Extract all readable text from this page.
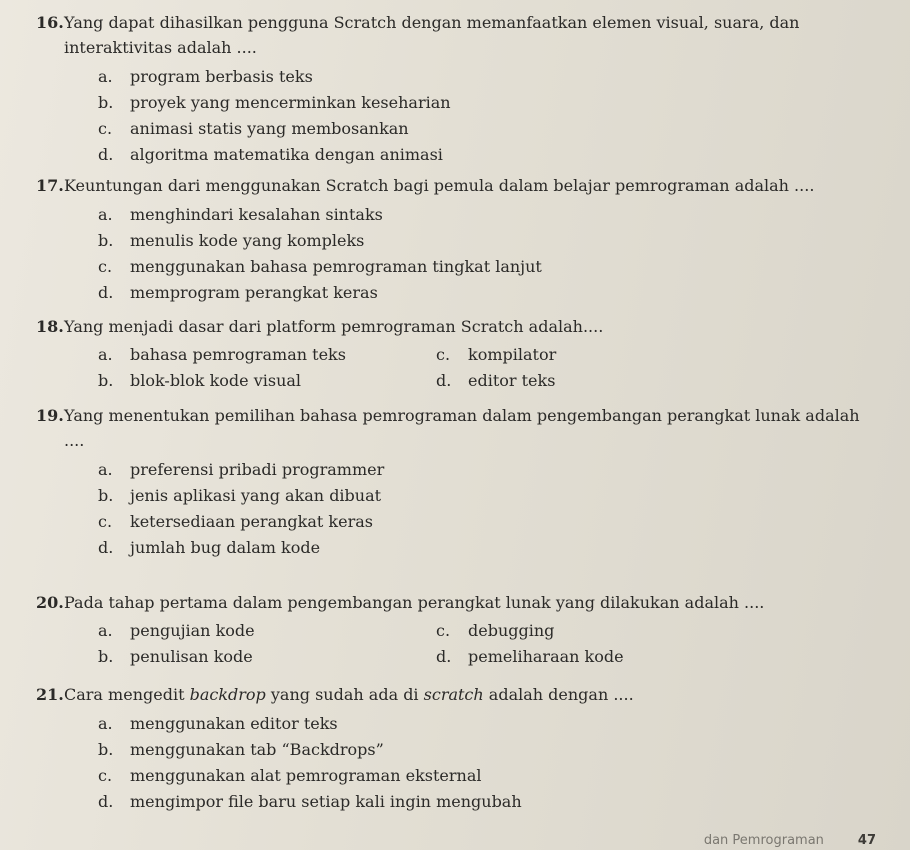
16. Yang dapat dihasilkan pengguna Scratch dengan memanfaatkan elemen visual, suara, dan interaktivitas adalah ....
a.	program berbasis teks
b.	proyek yang mencerminkan keseharian
c.	animasi statis yang membosankan
d.	algoritma matematika dengan animasi
17. Keuntungan dari menggunakan Scratch bagi pemula dalam belajar pemrograman adalah ....
a.	menghindari kesalahan sintaks
b.	menulis kode yang kompleks
c.	menggunakan bahasa pemrograman tingkat lanjut
d.	memprogram perangkat keras
18. Yang menjadi dasar dari platform pemrograman Scratch adalah....
a.	bahasa pemrograman teks	c.	kompilator
b.	blok-blok kode visual	d.	editor teks
19. Yang menentukan pemilihan bahasa pemrograman dalam pengembangan perangkat lunak adalah ....
a.	preferensi pribadi programmer
b.	jenis aplikasi yang akan dibuat
c.	ketersediaan perangkat keras
d.	jumlah bug dalam kode
20. Pada tahap pertama dalam pengembangan perangkat lunak yang dilakukan adalah ....
a.	pengujian kode	c.	debugging
b.	penulisan kode	d.	pemeliharaan kode
21. Cara mengedit backdrop yang sudah ada di scratch adalah dengan ....
a.	menggunakan editor teks
b.	menggunakan tab “Backdrops”
c.	menggunakan alat pemrograman eksternal
d.	mengimpor file baru setiap kali ingin mengubah
dan Pemrograman	47
